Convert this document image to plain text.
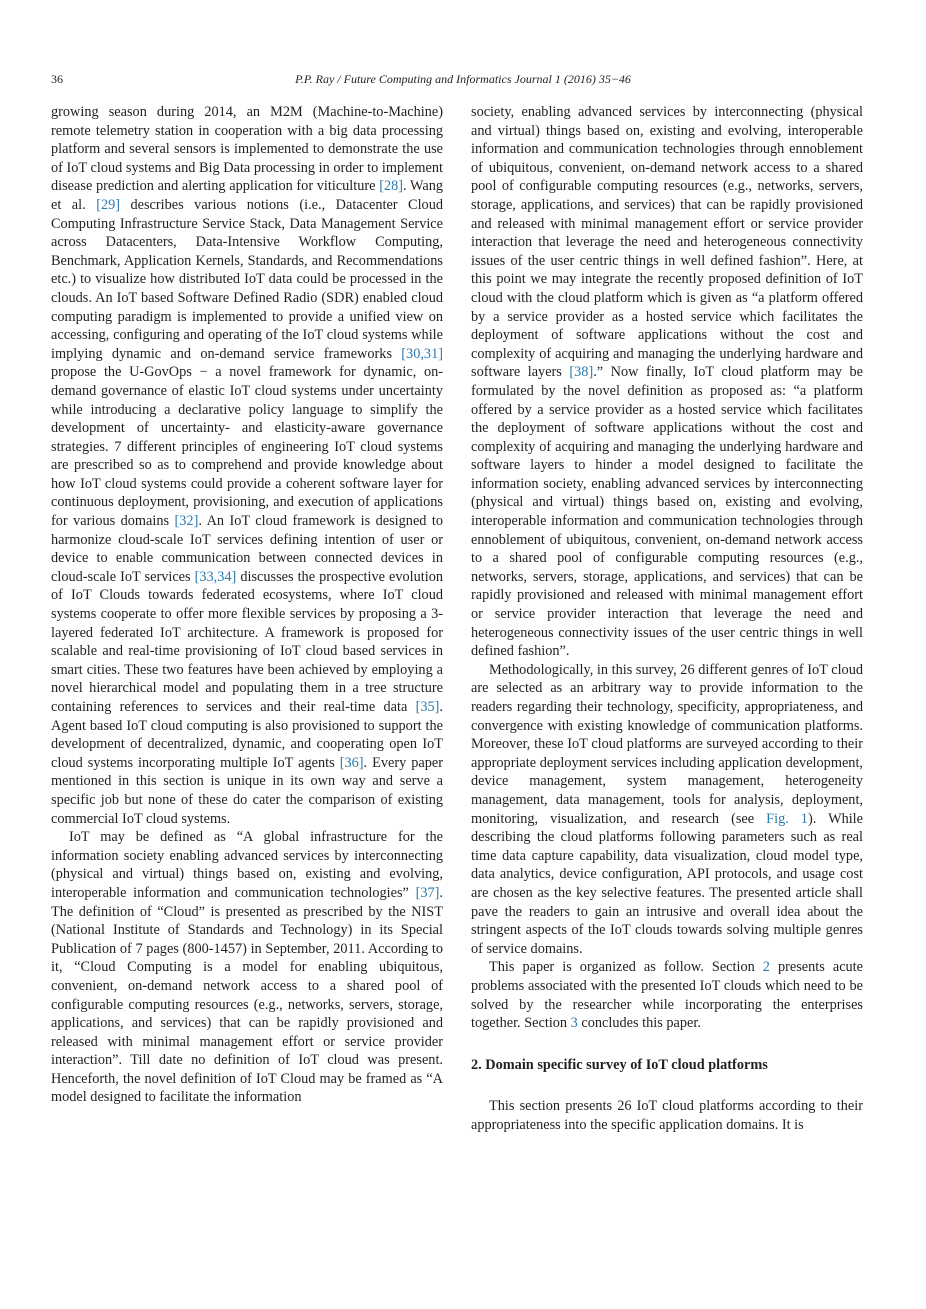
36	P.P. Ray / Future Computing and Informatics Journal 1 (2016) 35−46

growing season during 2014, an M2M (Machine-to-Machine) remote telemetry station in cooperation with a big data processing platform and several sensors is implemented to demonstrate the use of IoT cloud systems and Big Data processing in order to implement disease prediction and alerting application for viticulture [28]. Wang et al. [29] describes various notions (i.e., Datacenter Cloud Computing Infrastructure Service Stack, Data Management Service across Datacenters, Data-Intensive Workflow Computing, Benchmark, Application Kernels, Standards, and Recommendations etc.) to visualize how distributed IoT data could be processed in the clouds. An IoT based Software Defined Radio (SDR) enabled cloud computing paradigm is implemented to provide a unified view on accessing, configuring and operating of the IoT cloud systems while implying dynamic and on-demand service frameworks [30,31] propose the U-GovOps − a novel framework for dynamic, on-demand governance of elastic IoT cloud systems under uncertainty while introducing a declarative policy language to simplify the development of uncertainty- and elasticity-aware governance strategies. 7 different principles of engineering IoT cloud systems are prescribed so as to comprehend and provide knowledge about how IoT cloud systems could provide a coherent software layer for continuous deployment, provisioning, and execution of applications for various domains [32]. An IoT cloud framework is designed to harmonize cloud-scale IoT services defining intention of user or device to enable communication between connected devices in cloud-scale IoT services [33,34] discusses the prospective evolution of IoT Clouds towards federated ecosystems, where IoT cloud systems cooperate to offer more flexible services by proposing a 3-layered federated IoT architecture. A framework is proposed for scalable and real-time provisioning of IoT cloud based services in smart cities. These two features have been achieved by employing a novel hierarchical model and populating them in a tree structure containing references to services and their real-time data [35]. Agent based IoT cloud computing is also provisioned to support the development of decentralized, dynamic, and cooperating open IoT cloud systems incorporating multiple IoT agents [36]. Every paper mentioned in this section is unique in its own way and serve a specific job but none of these do cater the comparison of existing commercial IoT cloud systems.

IoT may be defined as “A global infrastructure for the information society enabling advanced services by interconnecting (physical and virtual) things based on, existing and evolving, interoperable information and communication technologies” [37]. The definition of “Cloud” is presented as prescribed by the NIST (National Institute of Standards and Technology) in its Special Publication of 7 pages (800-1457) in September, 2011. According to it, “Cloud Computing is a model for enabling ubiquitous, convenient, on-demand network access to a shared pool of configurable computing resources (e.g., networks, servers, storage, applications, and services) that can be rapidly provisioned and released with minimal management effort or service provider interaction”. Till date no definition of IoT cloud was present. Henceforth, the novel definition of IoT Cloud may be framed as “A model designed to facilitate the information

society, enabling advanced services by interconnecting (physical and virtual) things based on, existing and evolving, interoperable information and communication technologies through ennoblement of ubiquitous, convenient, on-demand network access to a shared pool of configurable computing resources (e.g., networks, servers, storage, applications, and services) that can be rapidly provisioned and released with minimal management effort or service provider interaction that leverage the need and heterogeneous connectivity issues of the user centric things in well defined fashion”. Here, at this point we may integrate the recently proposed definition of IoT cloud with the cloud platform which is given as “a platform offered by a service provider as a hosted service which facilitates the deployment of software applications without the cost and complexity of acquiring and managing the underlying hardware and software layers [38].” Now finally, IoT cloud platform may be formulated by the novel definition as proposed as: “a platform offered by a service provider as a hosted service which facilitates the deployment of software applications without the cost and complexity of acquiring and managing the underlying hardware and software layers to hinder a model designed to facilitate the information society, enabling advanced services by interconnecting (physical and virtual) things based on, existing and evolving, interoperable information and communication technologies through ennoblement of ubiquitous, convenient, on-demand network access to a shared pool of configurable computing resources (e.g., networks, servers, storage, applications, and services) that can be rapidly provisioned and released with minimal management effort or service provider interaction that leverage the need and heterogeneous connectivity issues of the user centric things in well defined fashion”.

Methodologically, in this survey, 26 different genres of IoT cloud are selected as an arbitrary way to provide information to the readers regarding their technology, specificity, appropriateness, and convergence with existing knowledge of communication platforms. Moreover, these IoT cloud platforms are surveyed according to their appropriate deployment services including application development, device management, system management, heterogeneity management, data management, tools for analysis, deployment, monitoring, visualization, and research (see Fig. 1). While describing the cloud platforms following parameters such as real time data capture capability, data visualization, cloud model type, data analytics, device configuration, API protocols, and usage cost are chosen as the key selective features. The presented article shall pave the readers to gain an intrusive and overall idea about the stringent aspects of the IoT clouds towards solving multiple genres of service domains.

This paper is organized as follow. Section 2 presents acute problems associated with the presented IoT clouds which need to be solved by the researcher while incorporating the enterprises together. Section 3 concludes this paper.

2. Domain specific survey of IoT cloud platforms

This section presents 26 IoT cloud platforms according to their appropriateness into the specific application domains. It is
